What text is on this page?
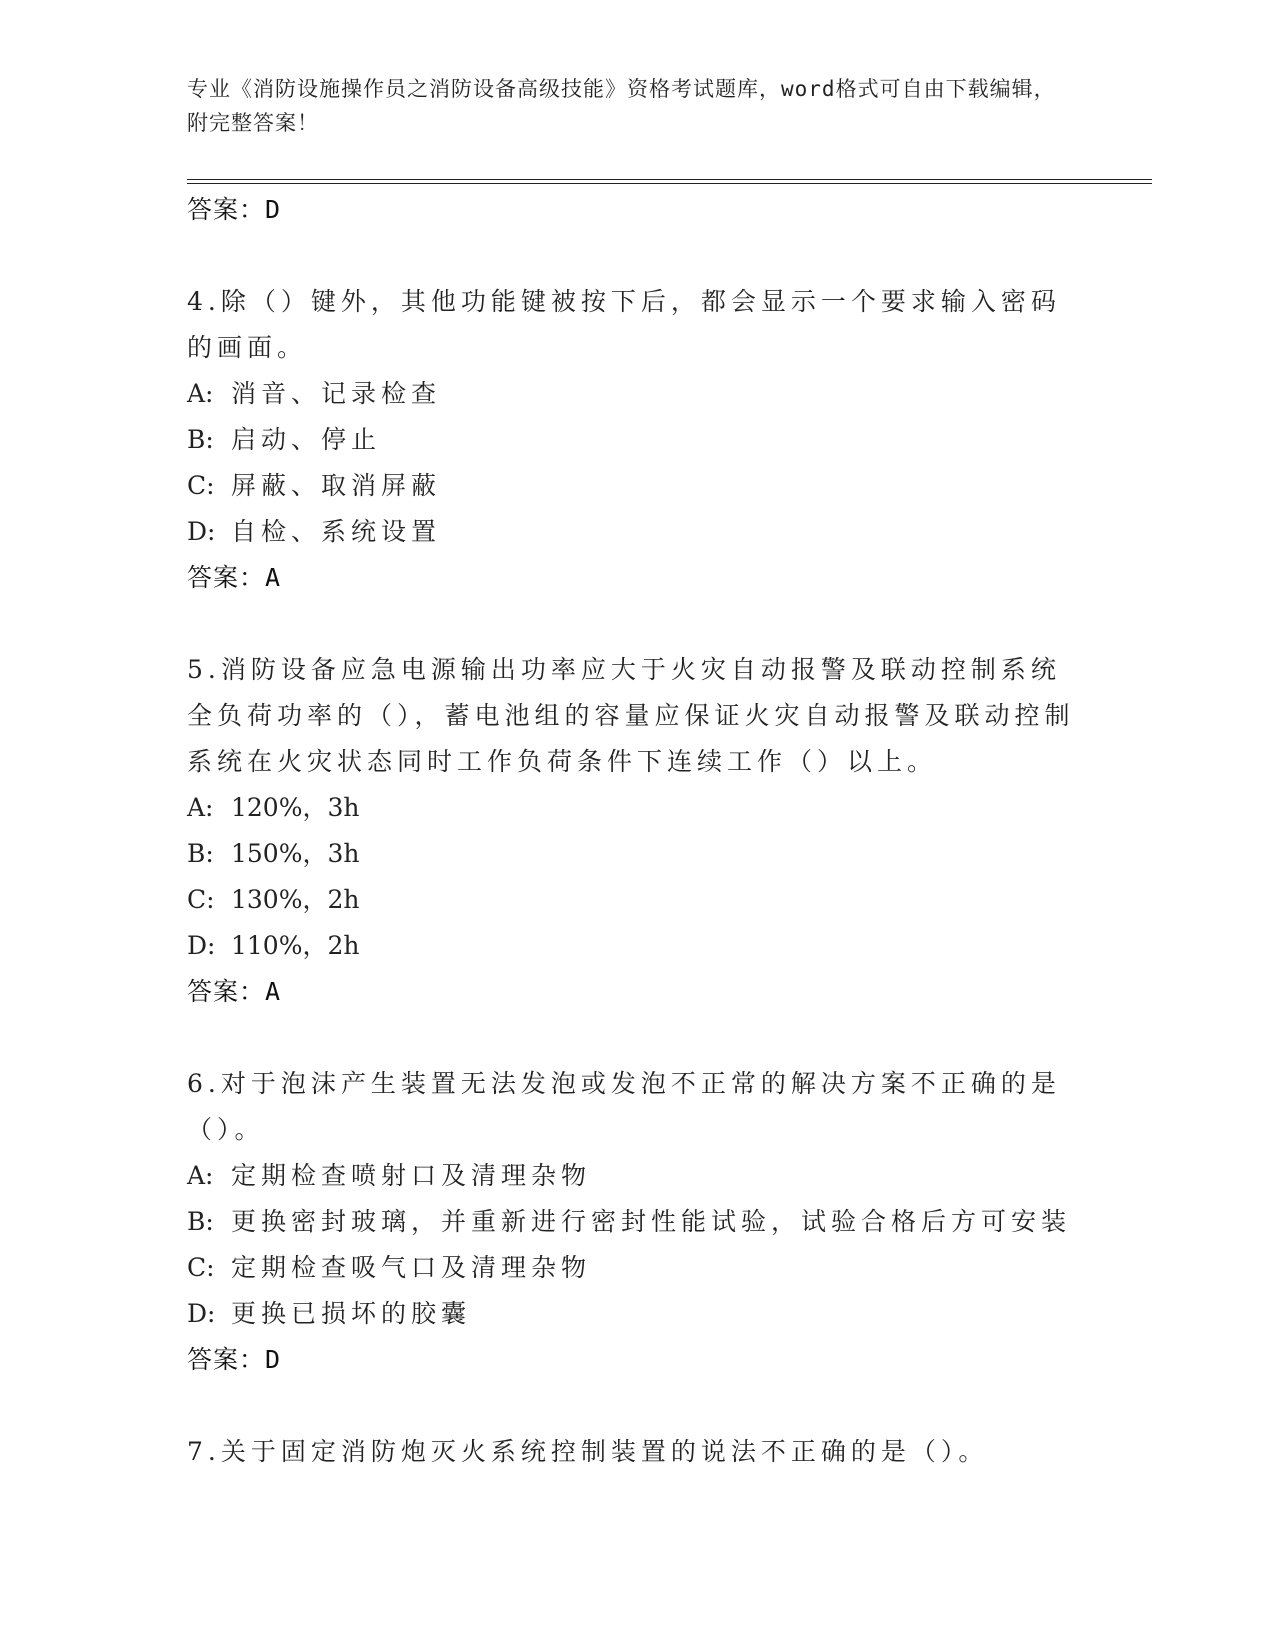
专业《消防设施操作员之消防设备高级技能》资格考试题库，word格式可自由下载编辑，附完整答案！
答案：D
4.除（）键外，其他功能键被按下后，都会显示一个要求输入密码的画面。
A: 消音、记录检查
B: 启动、停止
C: 屏蔽、取消屏蔽
D: 自检、系统设置
答案：A
5.消防设备应急电源输出功率应大于火灾自动报警及联动控制系统全负荷功率的（），蓄电池组的容量应保证火灾自动报警及联动控制系统在火灾状态同时工作负荷条件下连续工作（）以上。
A: 120%，3h
B: 150%，3h
C: 130%，2h
D: 110%，2h
答案：A
6.对于泡沫产生装置无法发泡或发泡不正常的解决方案不正确的是（）。
A: 定期检查喷射口及清理杂物
B: 更换密封玻璃，并重新进行密封性能试验，试验合格后方可安装
C: 定期检查吸气口及清理杂物
D: 更换已损坏的胶囊
答案：D
7.关于固定消防炮灭火系统控制装置的说法不正确的是（）。
